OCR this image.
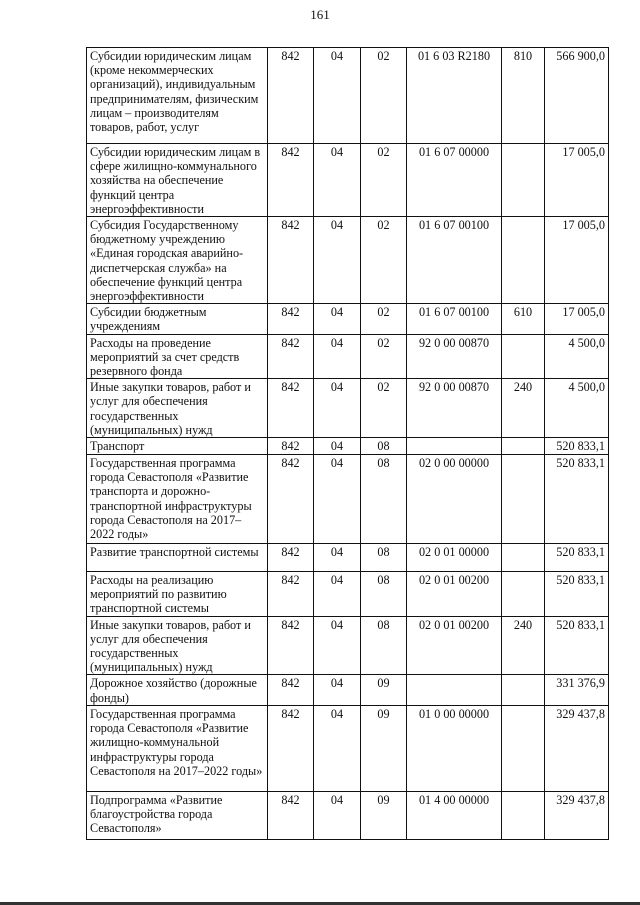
161
Субсидии юридическим лицам (кроме некоммерческих организаций), индивидуальным предпринимателям, физическим лицам – производителям товаров, работ, услуг	842	04	02	01 6 03 R2180	810	566 900,0
Субсидии юридическим лицам в сфере жилищно-коммунального хозяйства на обеспечение функций центра энергоэффективности	842	04	02	01 6 07 00000		17 005,0
Субсидия Государственному бюджетному учреждению «Единая городская аварийно-диспетчерская служба» на обеспечение функций центра энергоэффективности	842	04	02	01 6 07 00100		17 005,0
Субсидии бюджетным учреждениям	842	04	02	01 6 07 00100	610	17 005,0
Расходы на проведение мероприятий за счет средств резервного фонда	842	04	02	92 0 00 00870		4 500,0
Иные закупки товаров, работ и услуг для обеспечения государственных (муниципальных) нужд	842	04	02	92 0 00 00870	240	4 500,0
Транспорт	842	04	08			520 833,1
Государственная программа города Севастополя «Развитие транспорта и дорожно-транспортной инфраструктуры города Севастополя на 2017–2022 годы»	842	04	08	02 0 00 00000		520 833,1
Развитие транспортной системы	842	04	08	02 0 01 00000		520 833,1
Расходы на реализацию мероприятий по развитию транспортной системы	842	04	08	02 0 01 00200		520 833,1
Иные закупки товаров, работ и услуг для обеспечения государственных (муниципальных) нужд	842	04	08	02 0 01 00200	240	520 833,1
Дорожное хозяйство (дорожные фонды)	842	04	09			331 376,9
Государственная программа города Севастополя «Развитие жилищно-коммунальной инфраструктуры города Севастополя на 2017–2022 годы»	842	04	09	01 0 00 00000		329 437,8
Подпрограмма «Развитие благоустройства города Севастополя»	842	04	09	01 4 00 00000		329 437,8
